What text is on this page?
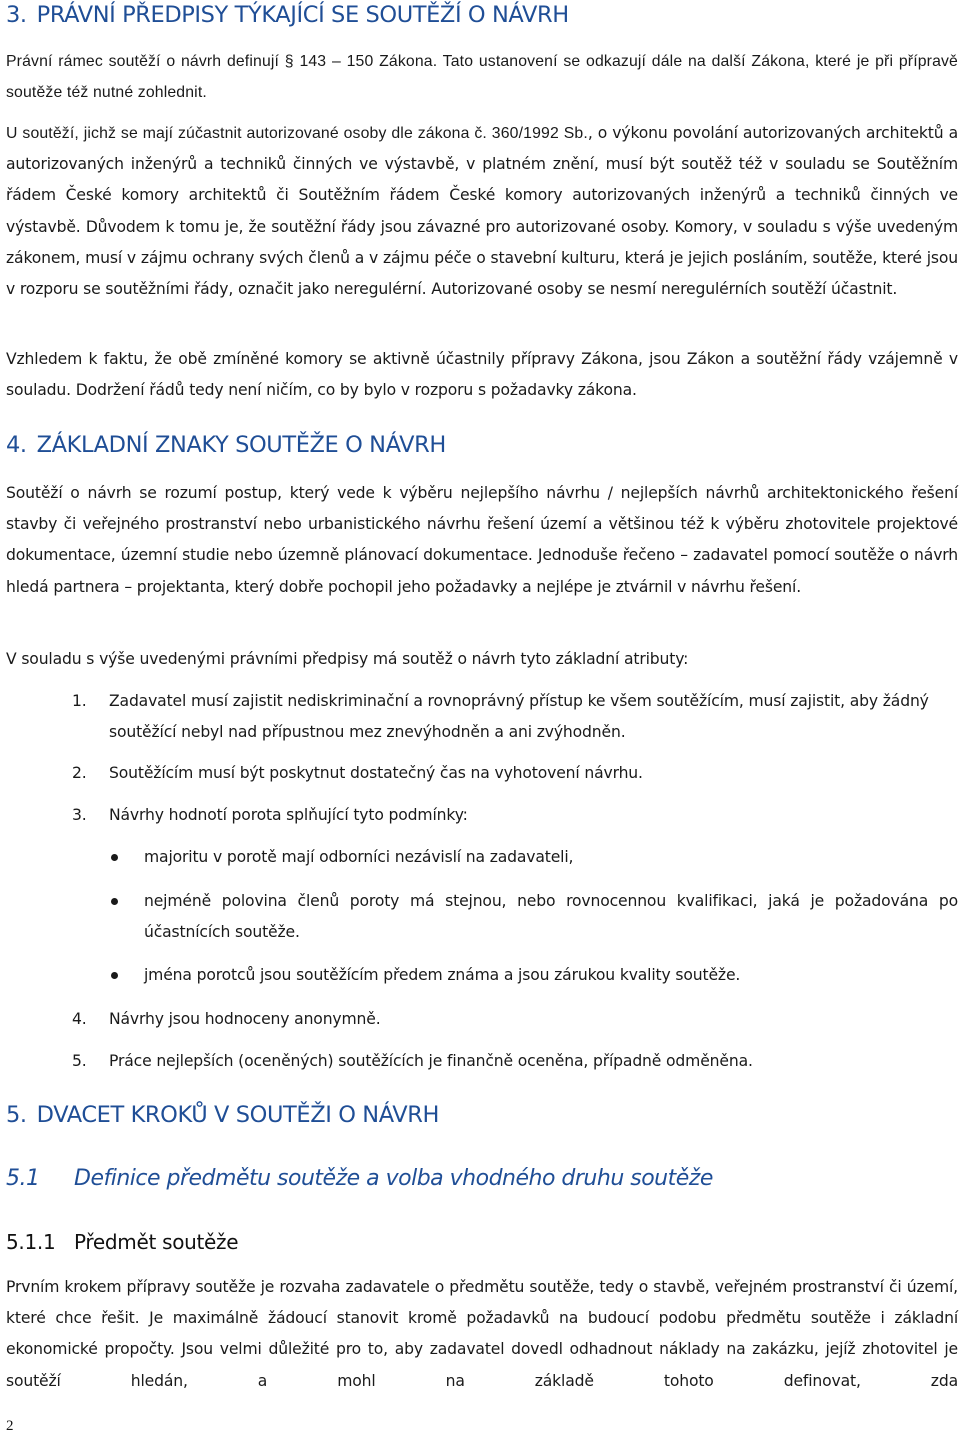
3. PRÁVNÍ PŘEDPISY TÝKAJÍCÍ SE SOUTĚŽÍ O NÁVRH

Právní rámec soutěží o návrh definují § 143 – 150 Zákona. Tato ustanovení se odkazují dále na další Zákona, které je při přípravě soutěže též nutné zohlednit.

U soutěží, jichž se mají zúčastnit autorizované osoby dle zákona č. 360/1992 Sb., o výkonu povolání autorizovaných architektů a autorizovaných inženýrů a techniků činných ve výstavbě, v platném znění, musí být soutěž též v souladu se Soutěžním řádem České komory architektů či Soutěžním řádem České komory autorizovaných inženýrů a techniků činných ve výstavbě. Důvodem k tomu je, že soutěžní řády jsou závazné pro autorizované osoby. Komory, v souladu s výše uvedeným zákonem, musí v zájmu ochrany svých členů a v zájmu péče o stavební kulturu, která je jejich posláním, soutěže, které jsou v rozporu se soutěžními řády, označit jako neregulérní. Autorizované osoby se nesmí neregulérních soutěží účastnit.

Vzhledem k faktu, že obě zmíněné komory se aktivně účastnily přípravy Zákona, jsou Zákon a soutěžní řády vzájemně v souladu. Dodržení řádů tedy není ničím, co by bylo v rozporu s požadavky zákona.

4. ZÁKLADNÍ ZNAKY SOUTĚŽE O NÁVRH

Soutěží o návrh se rozumí postup, který vede k výběru nejlepšího návrhu / nejlepších návrhů architektonického řešení stavby či veřejného prostranství nebo urbanistického návrhu řešení území a většinou též k výběru zhotovitele projektové dokumentace, územní studie nebo územně plánovací dokumentace. Jednoduše řečeno – zadavatel pomocí soutěže o návrh hledá partnera – projektanta, který dobře pochopil jeho požadavky a nejlépe je ztvárnil v návrhu řešení.

V souladu s výše uvedenými právními předpisy má soutěž o návrh tyto základní atributy:

1. Zadavatel musí zajistit nediskriminační a rovnoprávný přístup ke všem soutěžícím, musí zajistit, aby žádný soutěžící nebyl nad přípustnou mez znevýhodněn a ani zvýhodněn.
2. Soutěžícím musí být poskytnut dostatečný čas na vyhotovení návrhu.
3. Návrhy hodnotí porota splňující tyto podmínky:
majoritu v porotě mají odborníci nezávislí na zadavateli,
nejméně polovina členů poroty má stejnou, nebo rovnocennou kvalifikaci, jaká je požadována po účastnících soutěže.
jména porotců jsou soutěžícím předem známa a jsou zárukou kvality soutěže.
4. Návrhy jsou hodnoceny anonymně.
5. Práce nejlepších (oceněných) soutěžících je finančně oceněna, případně odměněna.
5. DVACET KROKŮ V SOUTĚŽI O NÁVRH
5.1 Definice předmětu soutěže a volba vhodného druhu soutěže
5.1.1 Předmět soutěže

Prvním krokem přípravy soutěže je rozvaha zadavatele o předmětu soutěže, tedy o stavbě, veřejném prostranství či území, které chce řešit. Je maximálně žádoucí stanovit kromě požadavků na budoucí podobu předmětu soutěže i základní ekonomické propočty. Jsou velmi důležité pro to, aby zadavatel dovedl odhadnout náklady na zakázku, jejíž zhotovitel je soutěží hledán, a mohl na základě tohoto definovat, zda

2
